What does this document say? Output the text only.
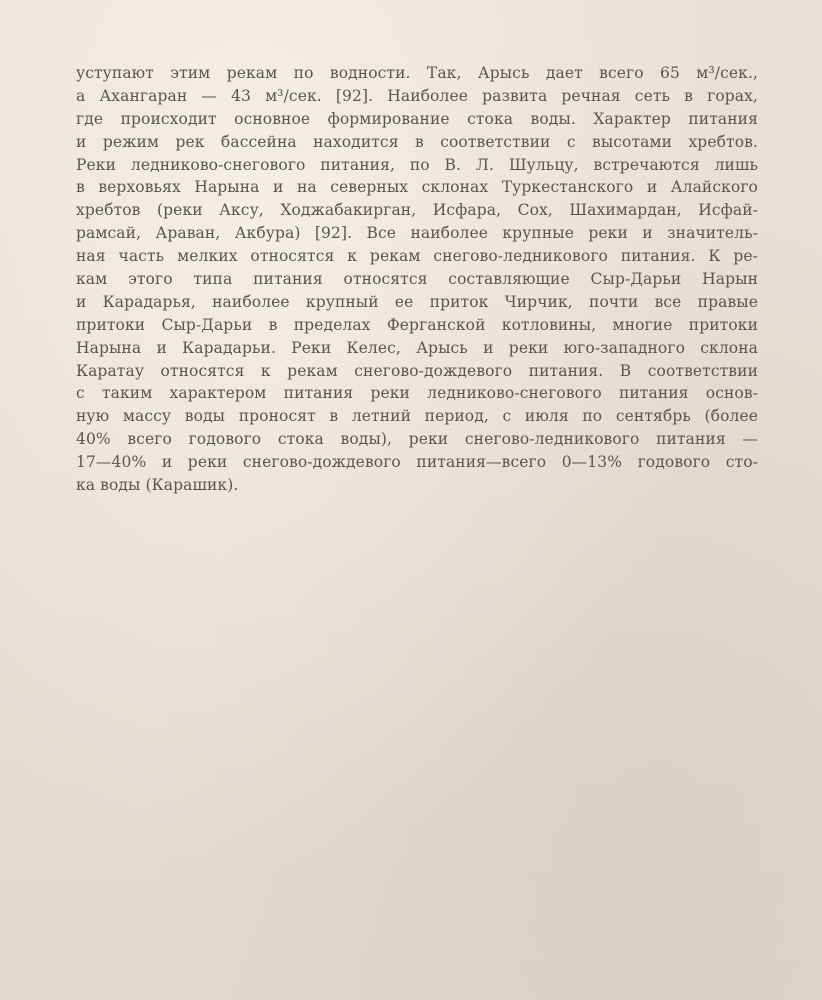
уступают этим рекам по водности. Так, Арысь дает всего 65 м³/сек.,
а Ахангаран — 43 м³/сек. [92]. Наиболее развита речная сеть в горах,
где происходит основное формирование стока воды. Характер питания
и режим рек бассейна находится в соответствии с высотами хребтов.
Реки ледниково-снегового питания, по В. Л. Шульцу, встречаются лишь
в верховьях Нарына и на северных склонах Туркестанского и Алайского
хребтов (реки Аксу, Ходжабакирган, Исфара, Сох, Шахимардан, Исфай-
рамсай, Араван, Акбура) [92]. Все наиболее крупные реки и значитель-
ная часть мелких относятся к рекам снегово-ледникового питания. К ре-
кам этого типа питания относятся составляющие Сыр-Дарьи Нарын
и Карадарья, наиболее крупный ее приток Чирчик, почти все правые
притоки Сыр-Дарьи в пределах Ферганской котловины, многие притоки
Нарына и Карадарьи. Реки Келес, Арысь и реки юго-западного склона
Каратау относятся к рекам снегово-дождевого питания. В соответствии
с таким характером питания реки ледниково-снегового питания основ-
ную массу воды проносят в летний период, с июля по сентябрь (более
40% всего годового стока воды), реки снегово-ледникового питания —
17—40% и реки снегово-дождевого питания—всего 0—13% годового сто-
ка воды (Карашик).
